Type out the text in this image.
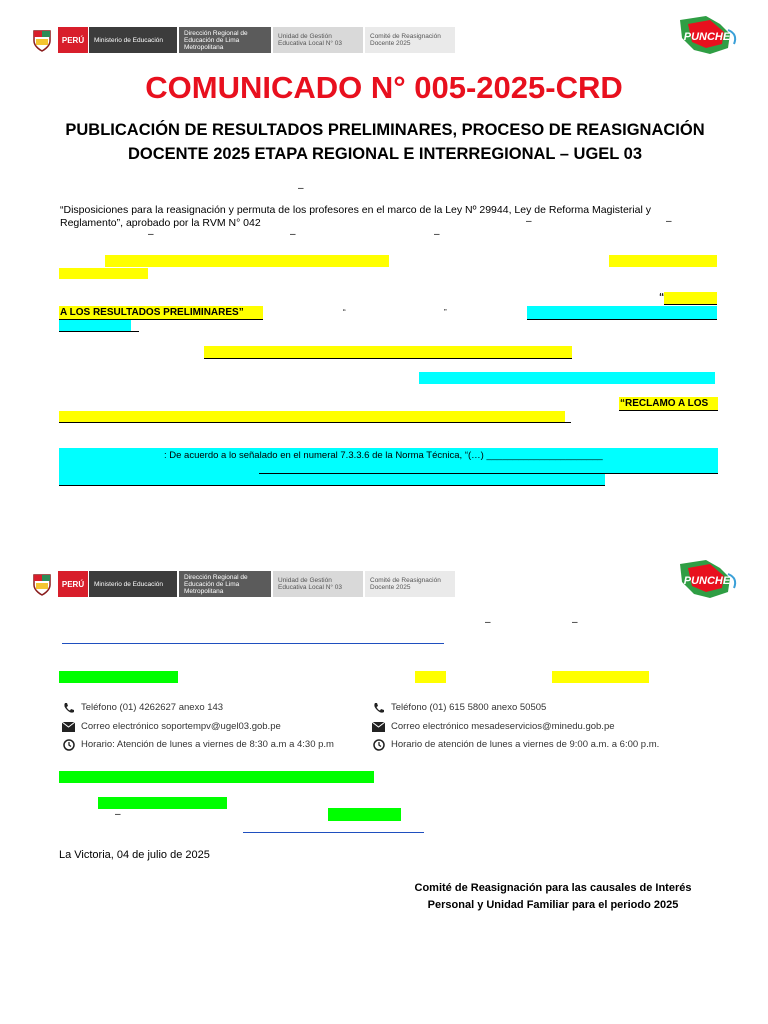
PERÚ	Ministerio de Educación
Dirección Regional de Educación de Lima Metropolitana
Unidad de Gestión Educativa Local N° 03
Comité de Reasignación Docente 2025
PUNCHE
COMUNICADO N° 005-2025-CRD
PUBLICACIÓN DE RESULTADOS PRELIMINARES, PROCESO DE REASIGNACIÓN
DOCENTE 2025 ETAPA REGIONAL E INTERREGIONAL – UGEL 03
–
“Disposiciones para la reasignación y permuta de los profesores en el marco de la Ley Nº 29944, Ley de Reforma Magisterial y
Reglamento”, aprobado por la RVM N° 042
–	–	–
–	–
“
A LOS RESULTADOS PRELIMINARES”	“	”
“RECLAMO A LOS
: De acuerdo a lo señalado en el numeral 7.3.3.6 de la Norma Técnica, “(…) ______________________
PERÚ	Ministerio de Educación
Dirección Regional de Educación de Lima Metropolitana
Unidad de Gestión Educativa Local N° 03
Comité de Reasignación Docente 2025
PUNCHE
–	–
Teléfono (01) 4262627 anexo 143
Correo electrónico soportempv@ugel03.gob.pe
Horario: Atención de lunes a viernes de 8:30 a.m a 4:30 p.m
Teléfono (01) 615 5800 anexo 50505
Correo electrónico mesadeservicios@minedu.gob.pe
Horario de atención de lunes a viernes de 9:00 a.m. a 6:00 p.m.
–
La Victoria, 04 de julio de 2025
Comité de Reasignación para las causales de Interés
Personal y Unidad Familiar para el periodo 2025
